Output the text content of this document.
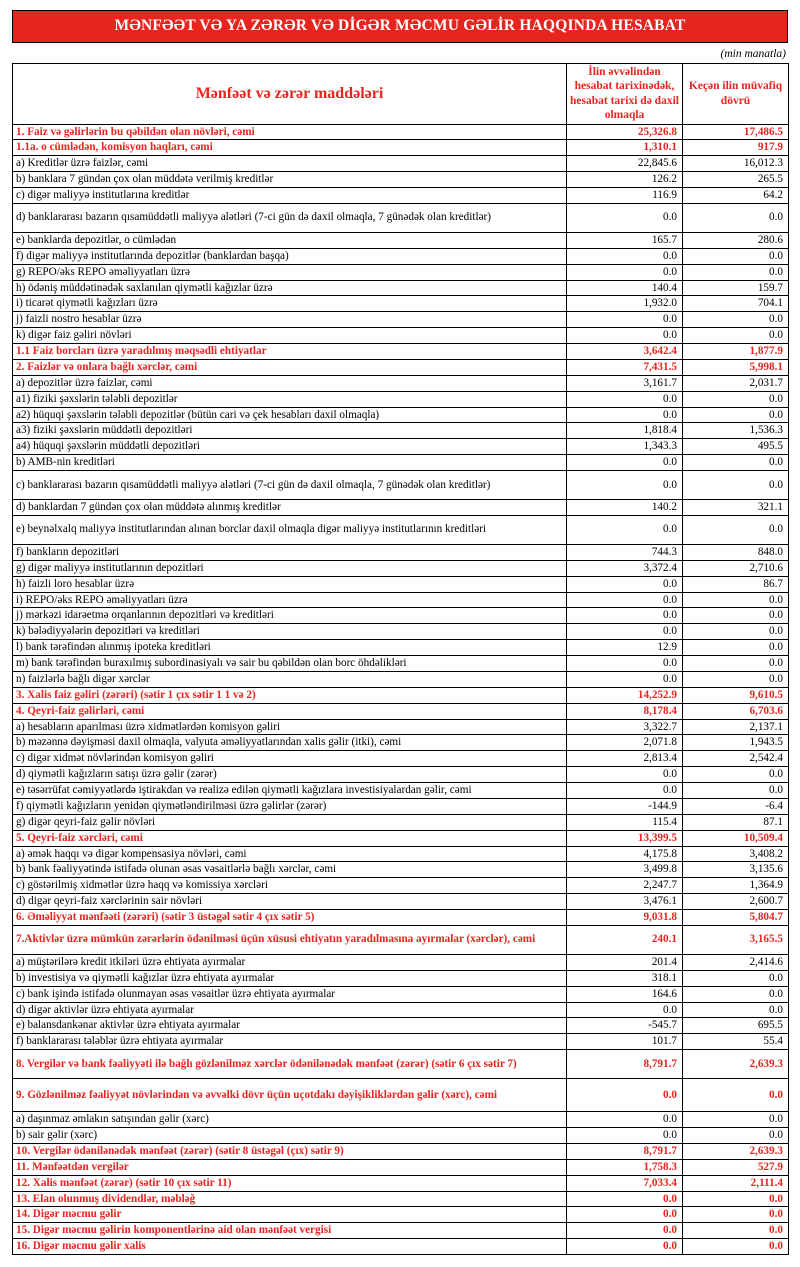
MƏNFƏƏT VƏ YA ZƏRƏR VƏ DİGƏR MƏCMU GƏLİR HAQQINDA HESABAT
(min manatla)
Mənfəət və zərər maddələri	İlin əvvəlindən hesabat tarixinədək, hesabat tarixi də daxil olmaqla	Keçən ilin müvafiq dövrü
1. Faiz və gəlirlərin bu qəbildən olan növləri, cəmi	25,326.8	17,486.5
1.1a. o cümlədən, komisyon haqları, cəmi	1,310.1	917.9
a) Kreditlər üzrə faizlər, cəmi	22,845.6	16,012.3
b) banklara 7 gündən çox olan müddətə verilmiş kreditlər	126.2	265.5
c) digər maliyyə institutlarına kreditlər	116.9	64.2
d) banklararası bazarın qısamüddətli maliyyə alətləri (7-ci gün də daxil olmaqla, 7 günədək olan kreditlər)	0.0	0.0
e) banklarda depozitlər, o cümlədən	165.7	280.6
f) digər maliyyə institutlarında depozitlər (banklardan başqa)	0.0	0.0
g) REPO/əks REPO əməliyyatları üzrə	0.0	0.0
h) ödəniş müddətinədək saxlanılan qiymətli kağızlar üzrə	140.4	159.7
i) ticarət qiymətli kağızları üzrə	1,932.0	704.1
j) faizli nostro hesablar üzrə	0.0	0.0
k) digər faiz gəliri növləri	0.0	0.0
1.1 Faiz borcları üzrə yaradılmış məqsədli ehtiyatlar	3,642.4	1,877.9
2. Faizlər və onlara bağlı xərclər, cəmi	7,431.5	5,998.1
a) depozitlər üzrə faizlər, cəmi	3,161.7	2,031.7
a1) fiziki şəxslərin tələbli depozitlər	0.0	0.0
a2) hüquqi şəxslərin tələbli depozitlər (bütün cari və çek hesabları daxil olmaqla)	0.0	0.0
a3) fiziki şəxslərin müddətli depozitləri	1,818.4	1,536.3
a4) hüquqi şəxslərin müddətli depozitləri	1,343.3	495.5
b) AMB-nin kreditləri	0.0	0.0
c) banklararası bazarın qısamüddətli maliyyə alətləri (7-ci gün də daxil olmaqla, 7 günədək olan kreditlər)	0.0	0.0
d) banklardan 7 gündən çox olan müddətə alınmış kreditlər	140.2	321.1
e) beynəlxalq maliyyə institutlarından alınan borclar daxil olmaqla digər maliyyə institutlarının kreditləri	0.0	0.0
f) bankların depozitləri	744.3	848.0
g) digər maliyyə institutlarının depozitləri	3,372.4	2,710.6
h) faizli loro hesablar üzrə	0.0	86.7
i) REPO/əks REPO əməliyyatları üzrə	0.0	0.0
j) mərkəzi idarəetmə orqanlarının depozitləri və kreditləri	0.0	0.0
k) bələdiyyələrin depozitləri və kreditləri	0.0	0.0
l) bank tərəfindən alınmış ipoteka kreditləri	12.9	0.0
m) bank tərəfindən buraxılmış subordinasiyalı və sair bu qəbildən olan borc öhdəlikləri	0.0	0.0
n) faizlərlə bağlı digər xərclər	0.0	0.0
3. Xalis faiz gəliri (zərəri) (sətir 1 çıx sətir 1 1 və 2)	14,252.9	9,610.5
4. Qeyri-faiz gəlirləri, cəmi	8,178.4	6,703.6
a) hesabların aparılması üzrə xidmətlərdən komisyon gəliri	3,322.7	2,137.1
b) məzənnə dəyişməsi daxil olmaqla, valyuta əməliyyatlarından xalis gəlir (itki), cəmi	2,071.8	1,943.5
c) digər xidmət növlərindən komisyon gəliri	2,813.4	2,542.4
d) qiymətli kağızların satışı üzrə gəlir (zərər)	0.0	0.0
e) təsərrüfat cəmiyyətlərdə iştirakdan və realizə edilən qiymətli kağızlara investisiyalardan gəlir, cəmi	0.0	0.0
f) qiymətli kağızların yenidən qiymətləndirilməsi üzrə gəlirlər (zərər)	-144.9	-6.4
g) digər qeyri-faiz gəlir növləri	115.4	87.1
5. Qeyri-faiz xərcləri, cəmi	13,399.5	10,509.4
a) əmək haqqı və digər kompensasiya növləri, cəmi	4,175.8	3,408.2
b) bank fəaliyyətində istifadə olunan əsas vəsaitlərlə bağlı xərclər, cəmi	3,499.8	3,135.6
c) göstərilmiş xidmətlər üzrə haqq və komissiya xərcləri	2,247.7	1,364.9
d) digər qeyri-faiz xərclərinin sair növləri	3,476.1	2,600.7
6. Əməliyyat mənfəəti (zərəri) (sətir 3 üstəgəl sətir 4 çıx sətir 5)	9,031.8	5,804.7
7.Aktivlər üzrə mümkün zərərlərin ödənilməsi üçün xüsusi ehtiyatın yaradılmasına ayırmalar (xərclər), cəmi	240.1	3,165.5
a) müştərilərə kredit itkiləri üzrə ehtiyata ayırmalar	201.4	2,414.6
b) investisiya və qiymətli kağızlar üzrə ehtiyata ayırmalar	318.1	0.0
c) bank işində istifadə olunmayan əsas vəsaitlər üzrə ehtiyata ayırmalar	164.6	0.0
d) digər aktivlər üzrə ehtiyata ayırmalar	0.0	0.0
e) balansdankənar aktivlər üzrə ehtiyata ayırmalar	-545.7	695.5
f) banklararası tələblər üzrə ehtiyata ayırmalar	101.7	55.4
8. Vergilər və bank fəaliyyəti ilə bağlı gözlənilməz xərclər ödənilənədək mənfəət (zərər) (sətir 6 çıx sətir 7)	8,791.7	2,639.3
9. Gözlənilməz fəaliyyət növlərindən və əvvəlki dövr üçün uçotdakı dəyişikliklərdən gəlir (xərc), cəmi	0.0	0.0
a) daşınmaz əmlakın satışından gəlir (xərc)	0.0	0.0
b) sair gəlir (xərc)	0.0	0.0
10. Vergilər ödənilənədək mənfəət (zərər) (sətir 8 üstəgəl (çıx) sətir 9)	8,791.7	2,639.3
11. Mənfəətdən vergilər	1,758.3	527.9
12. Xalis mənfəət (zərər) (sətir 10 çıx sətir 11)	7,033.4	2,111.4
13. Elan olunmuş dividendlər, məbləğ	0.0	0.0
14. Digər məcmu gəlir	0.0	0.0
15. Digər məcmu gəlirin komponentlərinə aid olan mənfəət vergisi	0.0	0.0
16. Digər məcmu gəlir xalis	0.0	0.0
